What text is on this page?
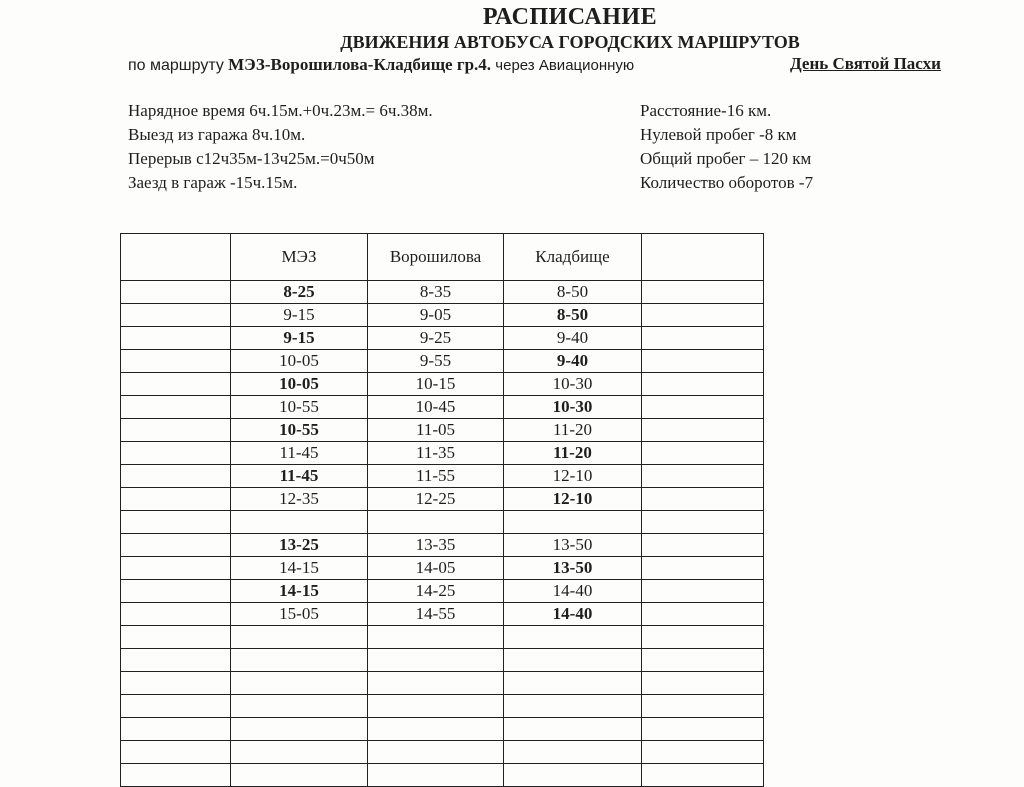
РАСПИСАНИЕ
ДВИЖЕНИЯ АВТОБУСА ГОРОДСКИХ МАРШРУТОВ
по маршруту МЭЗ-Ворошилова-Кладбище гр.4. через Авиационную	День Святой Пасхи
Нарядное время 6ч.15м.+0ч.23м.= 6ч.38м.
Выезд из гаража 8ч.10м.
Перерыв с12ч35м-13ч25м.=0ч50м
Заезд в гараж -15ч.15м.
Расстояние-16 км.
Нулевой пробег -8 км
Общий пробег – 120 км
Количество оборотов -7
	МЭЗ	Ворошилова	Кладбище	
	8-25	8-35	8-50	
	9-15	9-05	8-50	
	9-15	9-25	9-40	
	10-05	9-55	9-40	
	10-05	10-15	10-30	
	10-55	10-45	10-30	
	10-55	11-05	11-20	
	11-45	11-35	11-20	
	11-45	11-55	12-10	
	12-35	12-25	12-10	

	13-25	13-35	13-50	
	14-15	14-05	13-50	
	14-15	14-25	14-40	
	15-05	14-55	14-40	
